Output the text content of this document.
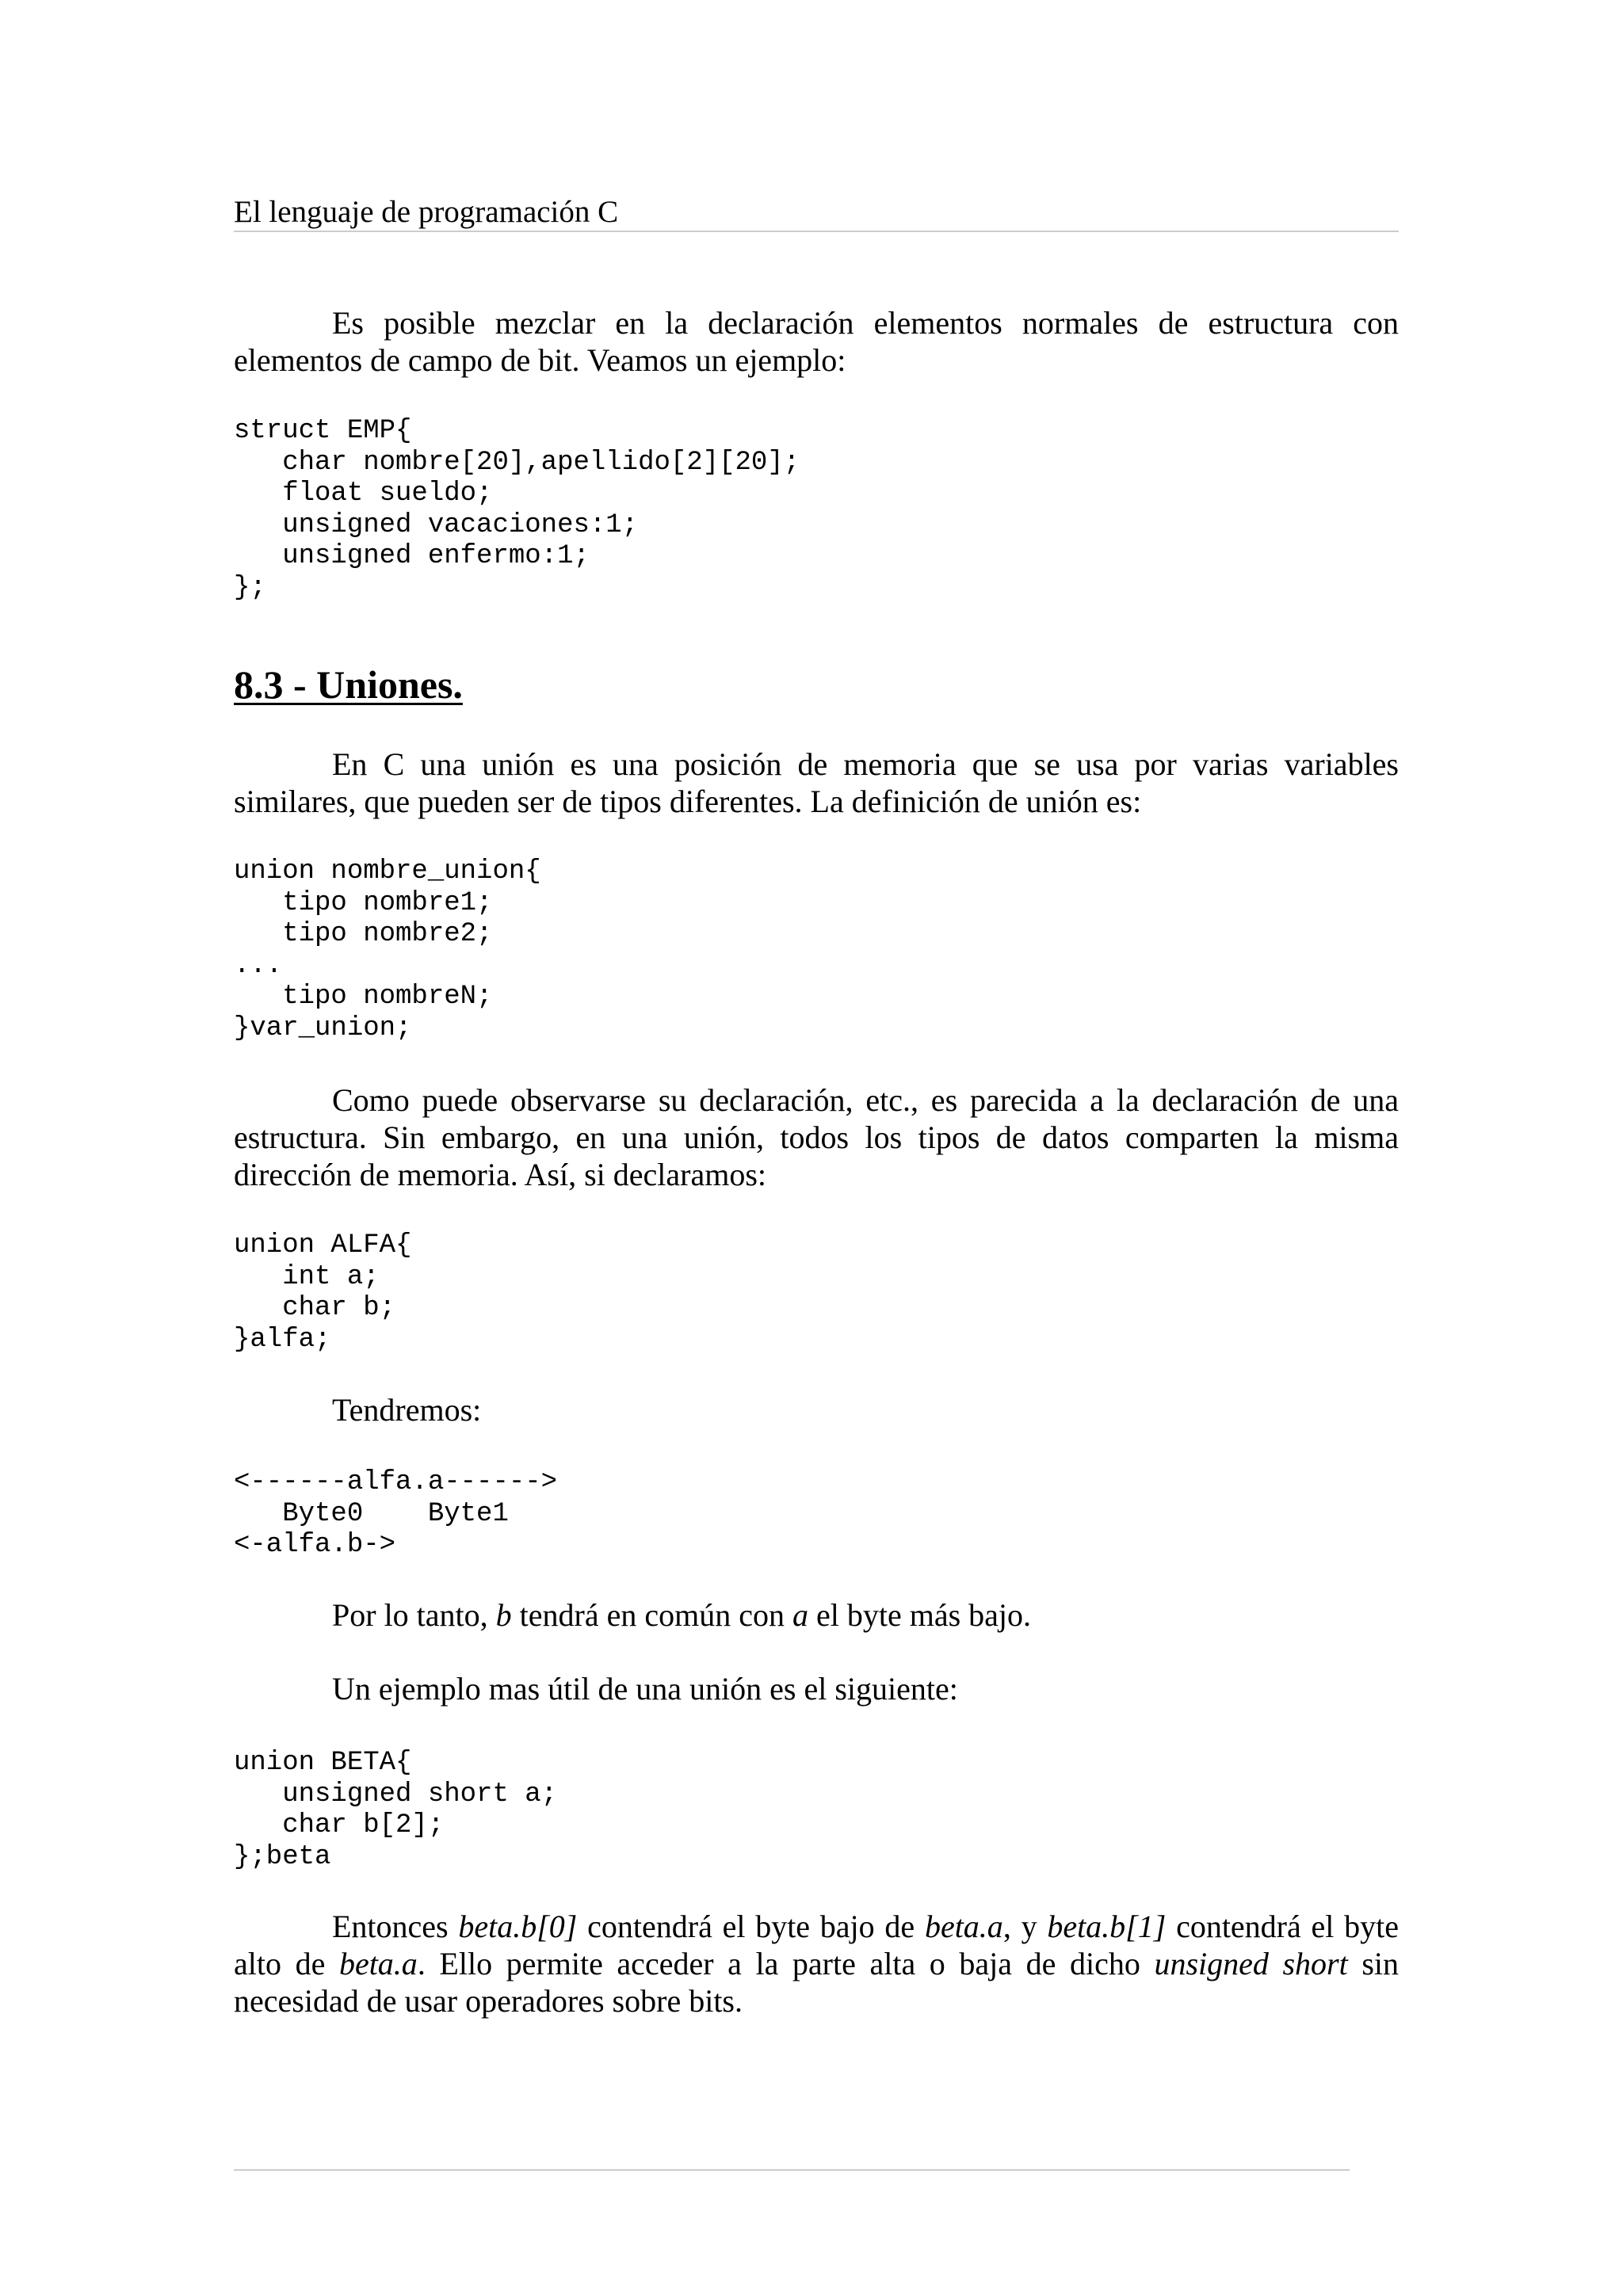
El lenguaje de programación C

Es posible mezclar en la declaración elementos normales de estructura con elementos de campo de bit. Veamos un ejemplo:

struct EMP{
char nombre[20],apellido[2][20];
float sueldo;
unsigned vacaciones:1;
unsigned enfermo:1;
};
8.3 - Uniones.

En C una unión es una posición de memoria que se usa por varias variables similares, que pueden ser de tipos diferentes. La definición de unión es:

union nombre_union{
tipo nombre1;
tipo nombre2;
...
tipo nombreN;
}var_union;

Como puede observarse su declaración, etc., es parecida a la declaración de una estructura. Sin embargo, en una unión, todos los tipos de datos comparten la misma dirección de memoria. Así, si declaramos:

union ALFA{
int a;
char b;
}alfa;

Tendremos:

<------alfa.a------>
Byte0    Byte1
<-alfa.b->

Por lo tanto, b tendrá en común con a el byte más bajo.

Un ejemplo mas útil de una unión es el siguiente:

union BETA{
unsigned short a;
char b[2];
};beta

Entonces beta.b[0] contendrá el byte bajo de beta.a, y beta.b[1] contendrá el byte alto de beta.a. Ello permite acceder a la parte alta o baja de dicho unsigned short sin necesidad de usar operadores sobre bits.
